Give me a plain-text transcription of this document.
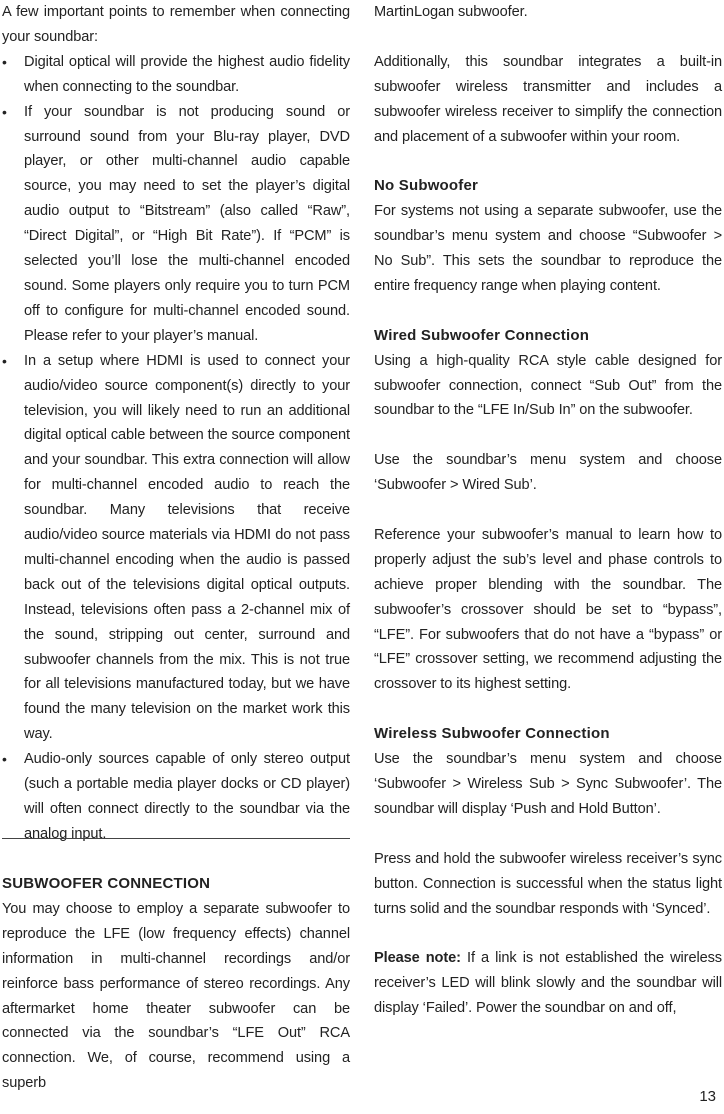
A few important points to remember when connecting your soundbar:

• Digital optical will provide the highest audio fidelity when connecting to the soundbar.
• If your soundbar is not producing sound or surround sound from your Blu-ray player, DVD player, or other multi-channel audio capable source, you may need to set the player’s digital audio output to “Bitstream” (also called “Raw”, “Direct Digital”, or “High Bit Rate”). If “PCM” is selected you’ll lose the multi-channel encoded sound. Some players only require you to turn PCM off to configure for multi-channel encoded sound. Please refer to your player’s manual.
• In a setup where HDMI is used to connect your audio/video source component(s) directly to your television, you will likely need to run an additional digital optical cable between the source component and your soundbar. This extra connection will allow for multi-channel encoded audio to reach the soundbar. Many televisions that receive audio/video source materials via HDMI do not pass multi-channel encoding when the audio is passed back out of the televisions digital optical outputs. Instead, televisions often pass a 2-channel mix of the sound, stripping out center, surround and subwoofer channels from the mix. This is not true for all televisions manufactured today, but we have found the many television on the market work this way.
• Audio-only sources capable of only stereo output (such a portable media player docks or CD player) will often connect directly to the soundbar via the analog input.

SUBWOOFER CONNECTION

You may choose to employ a separate subwoofer to reproduce the LFE (low frequency effects) channel information in multi-channel recordings and/or reinforce bass performance of stereo recordings. Any aftermarket home theater subwoofer can be connected via the soundbar’s “LFE Out” RCA connection. We, of course, recommend using a superb

MartinLogan subwoofer.

Additionally, this soundbar integrates a built-in subwoofer wireless transmitter and includes a subwoofer wireless receiver to simplify the connection and placement of a subwoofer within your room.

No Subwoofer

For systems not using a separate subwoofer, use the soundbar’s menu system and choose “Subwoofer > No Sub”. This sets the soundbar to reproduce the entire frequency range when playing content.

Wired Subwoofer Connection

Using a high-quality RCA style cable designed for subwoofer connection, connect “Sub Out” from the soundbar to the “LFE In/Sub In” on the subwoofer.

Use the soundbar’s menu system and choose ‘Subwoofer > Wired Sub’.

Reference your subwoofer’s manual to learn how to properly adjust the sub’s level and phase controls to achieve proper blending with the soundbar. The subwoofer’s crossover should be set to “bypass”, “LFE”. For subwoofers that do not have a “bypass” or “LFE” crossover setting, we recommend adjusting the crossover to its highest setting.

Wireless Subwoofer Connection

Use the soundbar’s menu system and choose ‘Subwoofer > Wireless Sub > Sync Subwoofer’. The soundbar will display ‘Push and Hold Button’.

Press and hold the subwoofer wireless receiver’s sync button. Connection is successful when the status light turns solid and the soundbar responds with ‘Synced’.

Please note: If a link is not established the wireless receiver’s LED will blink slowly and the soundbar will display ‘Failed’. Power the soundbar on and off,

13
